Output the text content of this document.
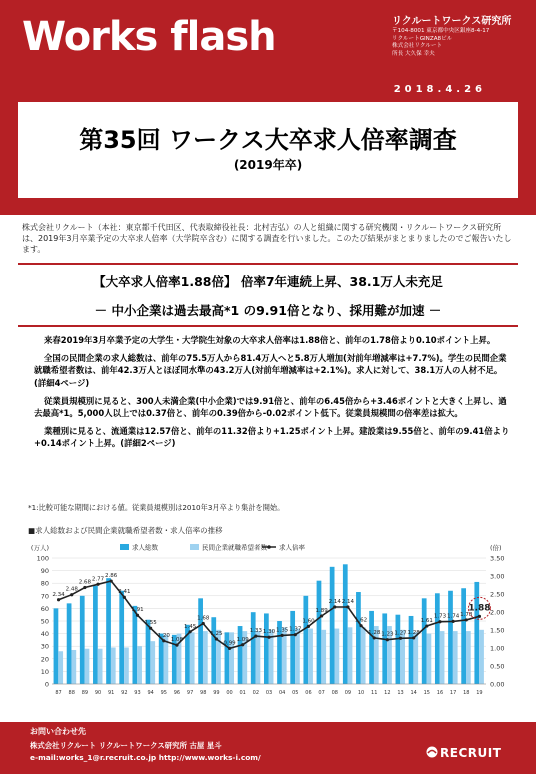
Works flash	リクルートワークス研究所
〒104-8001 東京都中央区銀座8-4-17
リクルートGINZA8ビル
株式会社リクルート
所長 大久保 幸夫
2018.4.26
第35回 ワークス大卒求人倍率調査
(2019年卒)
株式会社リクルート（本社：東京都千代田区、代表取締役社長：北村吉弘）の人と組織に関する研究機関・リクルートワークス研究所は、2019年3月卒業予定の大卒求人倍率（大学院卒含む）に関する調査を行いました。このたび結果がまとまりましたのでご報告いたします。
【大卒求人倍率1.88倍】 倍率7年連続上昇、38.1万人未充足
－ 中小企業は過去最高*1 の9.91倍となり、採用難が加速 －

来春2019年3月卒業予定の大学生・大学院生対象の大卒求人倍率は1.88倍と、前年の1.78倍より0.10ポイント上昇。

全国の民間企業の求人総数は、前年の75.5万人から81.4万人へと5.8万人増加(対前年増減率は+7.7%)。学生の民間企業就職希望者数は、前年42.3万人とほぼ同水準の43.2万人(対前年増減率は+2.1%)。求人に対して、38.1万人の人材不足。(詳細4ページ)

従業員規模別に見ると、300人未満企業(中小企業)では9.91倍と、前年の6.45倍から+3.46ポイントと大きく上昇し、過去最高*1。5,000人以上では0.37倍と、前年の0.39倍から-0.02ポイント低下。従業員規模間の倍率差は拡大。

業種別に見ると、流通業は12.57倍と、前年の11.32倍より+1.25ポイント上昇。建設業は9.55倍と、前年の9.41倍より+0.14ポイント上昇。(詳細2ページ)

*1:比較可能な期間における値。従業員規模別は2010年3月卒より集計を開始。
■求人総数および民間企業就職希望者数・求人倍率の推移
0
10
20
30
40
50
60
70
80
90
100
0.00
0.50
1.00
1.50
2.00
2.50
3.00
3.50
(万人)	(倍)
求人総数	民間企業就職希望者数 求人倍率
87 88 89 90 91 92 93 94 95 96 97 98 99 00 01 02 03 04 05 06 07 08 09 10 11 12 13 14 15 16 17 18 19
2.34
2.48
2.68
2.77
2.86
2.41
1.91
1.55
1.20
1.08
1.45
1.68
1.25
0.99
1.09
1.33 1.30 1.35 1.37
1.60
1.89
2.14 2.14
1.62
1.28 1.23 1.27 1.28
1.61
1.73 1.74 1.78
1.88
お問い合わせ先
株式会社リクルート リクルートワークス研究所 古屋 星斗
e-mail:works_1@r.recruit.co.jp http://www.works-i.com/	RECRUIT
